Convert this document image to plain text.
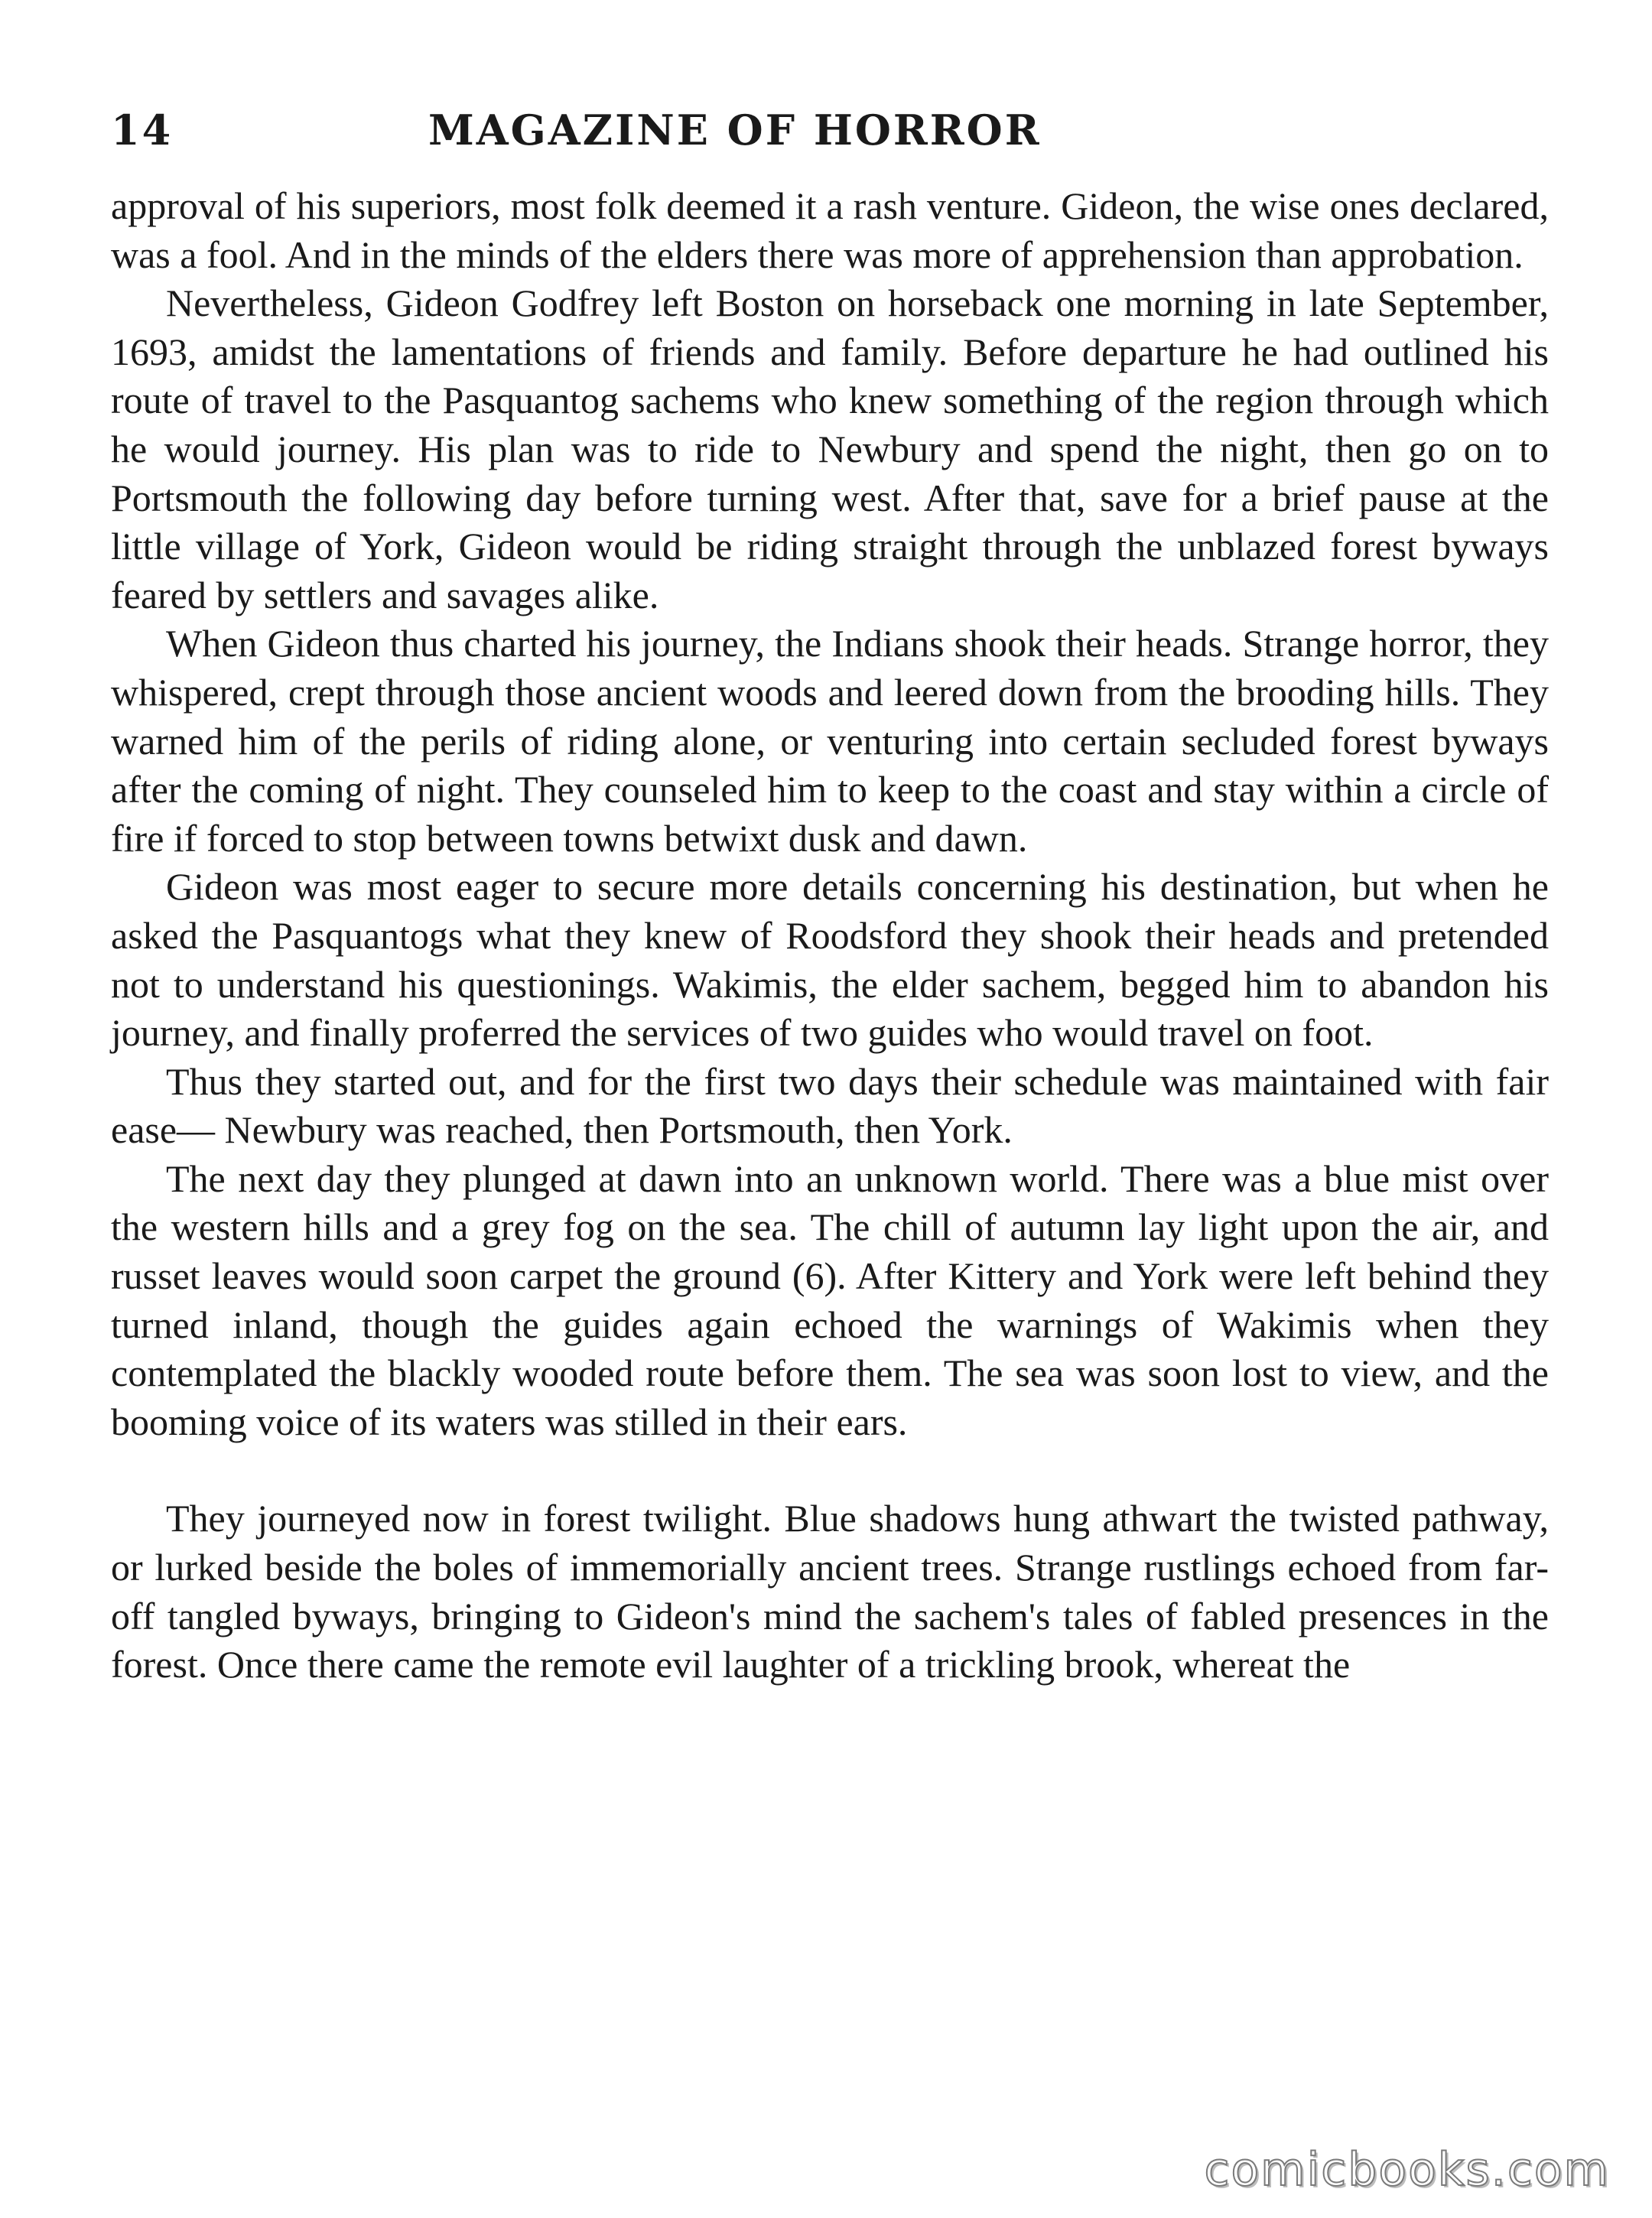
14	MAGAZINE OF HORROR

approval of his superiors, most folk deemed it a rash venture. Gideon, the wise ones declared, was a fool. And in the minds of the elders there was more of apprehension than approbation.

Nevertheless, Gideon Godfrey left Boston on horseback one morning in late September, 1693, amidst the lamentations of friends and family. Before departure he had outlined his route of travel to the Pasquantog sachems who knew something of the region through which he would journey. His plan was to ride to Newbury and spend the night, then go on to Portsmouth the following day before turning west. After that, save for a brief pause at the little village of York, Gideon would be riding straight through the unblazed forest byways feared by settlers and savages alike.

When Gideon thus charted his journey, the Indians shook their heads. Strange horror, they whispered, crept through those ancient woods and leered down from the brooding hills. They warned him of the perils of riding alone, or venturing into certain secluded forest byways after the coming of night. They counseled him to keep to the coast and stay within a circle of fire if forced to stop between towns betwixt dusk and dawn.

Gideon was most eager to secure more details concerning his destination, but when he asked the Pasquantogs what they knew of Roodsford they shook their heads and pretended not to understand his questionings. Wakimis, the elder sachem, begged him to abandon his journey, and finally proferred the services of two guides who would travel on foot.

Thus they started out, and for the first two days their schedule was maintained with fair ease— Newbury was reached, then Portsmouth, then York.

The next day they plunged at dawn into an unknown world. There was a blue mist over the western hills and a grey fog on the sea. The chill of autumn lay light upon the air, and russet leaves would soon carpet the ground (6). After Kittery and York were left behind they turned inland, though the guides again echoed the warnings of Wakimis when they contemplated the blackly wooded route before them. The sea was soon lost to view, and the booming voice of its waters was stilled in their ears.

They journeyed now in forest twilight. Blue shadows hung athwart the twisted pathway, or lurked beside the boles of immemorially ancient trees. Strange rustlings echoed from far-off tangled byways, bringing to Gideon's mind the sachem's tales of fabled presences in the forest. Once there came the remote evil laughter of a trickling brook, whereat the

comicbooks.com
